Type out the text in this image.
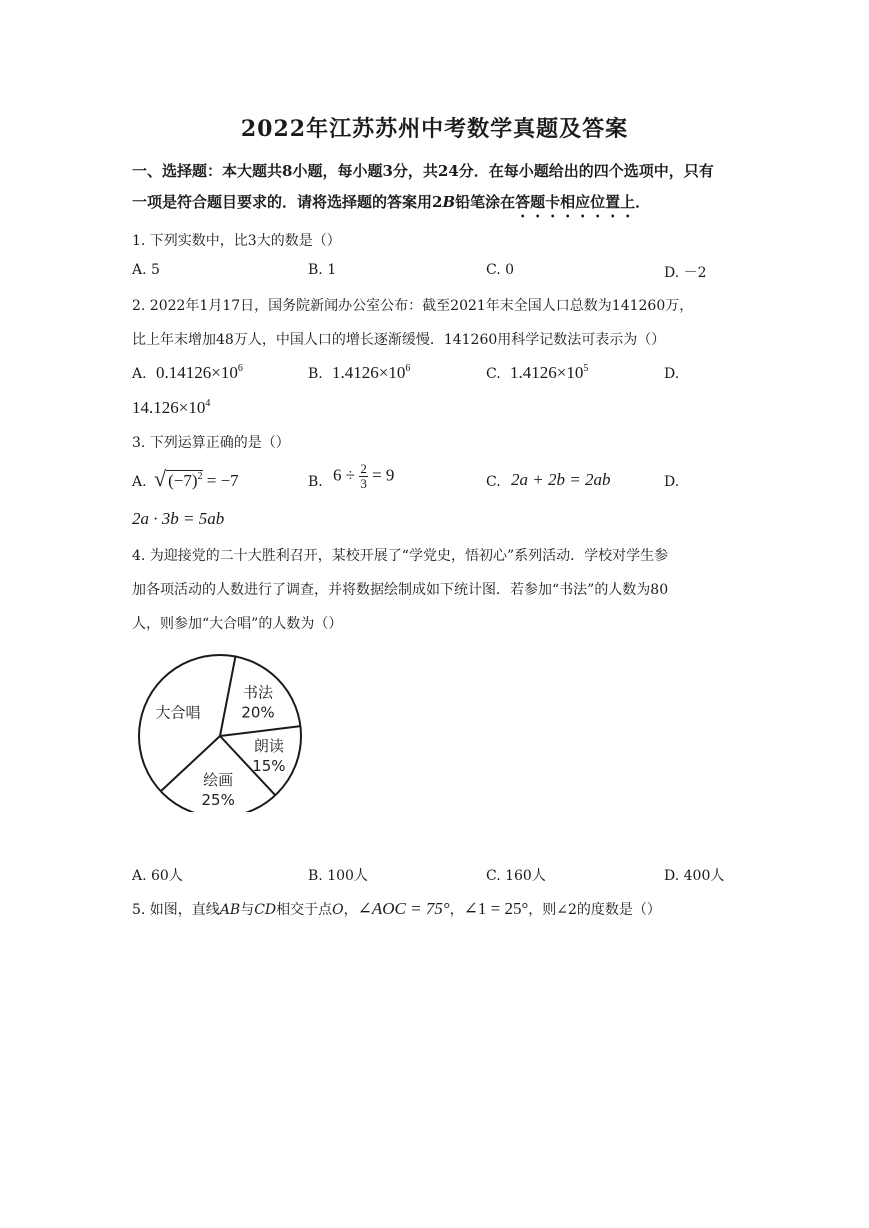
2022年江苏苏州中考数学真题及答案
一、选择题：本大题共8小题，每小题3分，共24分．在每小题给出的四个选项中，只有
一项是符合题目要求的．请将选择题的答案用2B铅笔涂在答题卡相应位置上．
1. 下列实数中，比3大的数是（）
A. 5	B. 1	C. 0	D. －2
2. 2022年1月17日，国务院新闻办公室公布：截至2021年末全国人口总数为141260万，
比上年末增加48万人，中国人口的增长逐渐缓慢．141260用科学记数法可表示为（）
A. $0.14126\times 10^6$	B. $1.4126\times 10^6$	C. $1.4126\times 10^5$	D.
$14.126\times 10^4$
3. 下列运算正确的是（）
A. √ $(-7)^2 = -7$	B. $6 \div \frac{2}{3} = 9$	C. 2a + 2b = 2ab	D.
2a · 3b = 5ab
4. 为迎接党的二十大胜利召开，某校开展了“学党史，悟初心”系列活动．学校对学生参
加各项活动的人数进行了调查，并将数据绘制成如下统计图．若参加“书法”的人数为80
人，则参加“大合唱”的人数为（）
书法
20%
朗读
15%
绘画
25%
大合唱
A. 60人	B. 100人	C. 160人	D. 400人
5. 如图，直线AB与CD相交于点O，∠AOC = 75°，∠1 = 25°，则∠2的度数是（）
